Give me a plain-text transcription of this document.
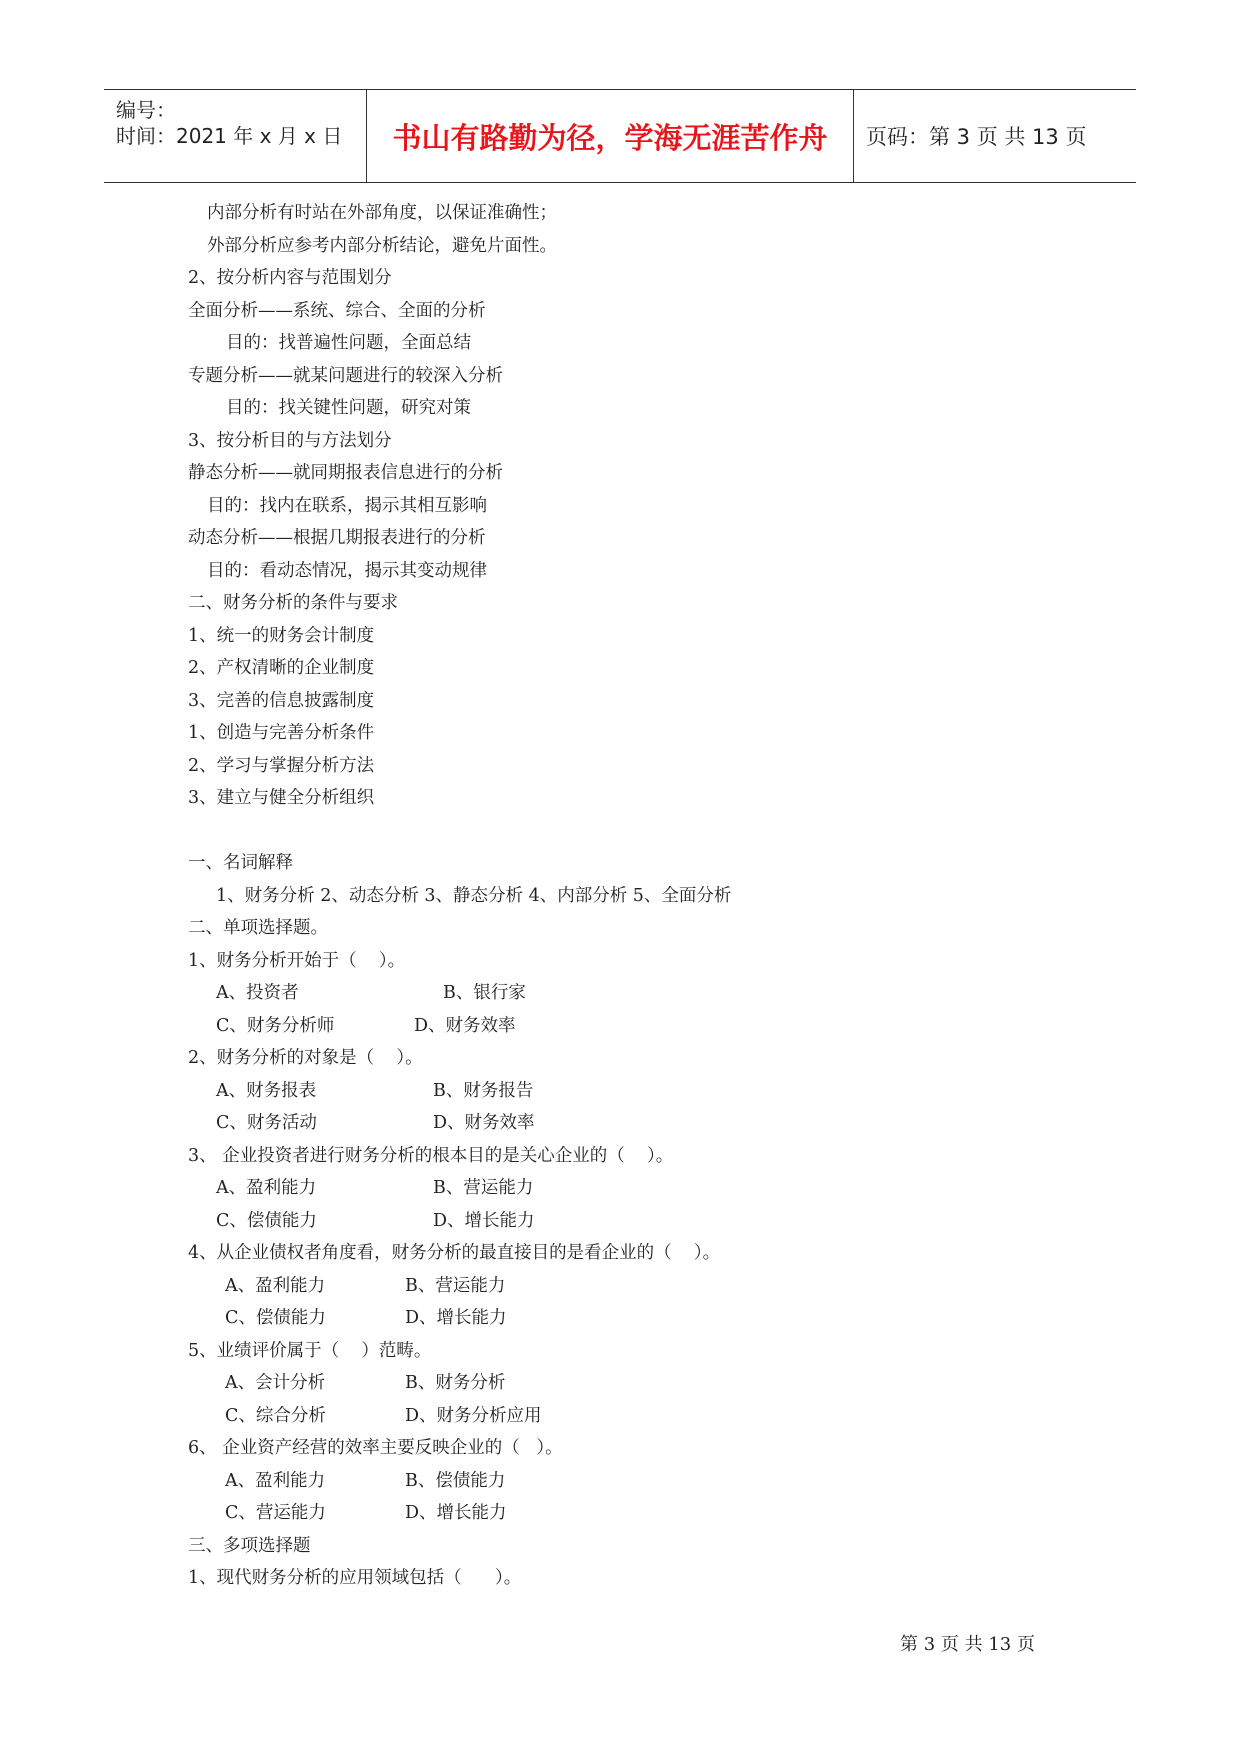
编号：
时间：2021 年 x 月 x 日	书山有路勤为径，学海无涯苦作舟	页码：第 3 页 共 13 页
内部分析有时站在外部角度，以保证准确性；
外部分析应参考内部分析结论，避免片面性。
2、按分析内容与范围划分
全面分析——系统、综合、全面的分析
目的：找普遍性问题，全面总结
专题分析——就某问题进行的较深入分析
目的：找关键性问题，研究对策
3、按分析目的与方法划分
静态分析——就同期报表信息进行的分析
目的：找内在联系，揭示其相互影响
动态分析——根据几期报表进行的分析
目的：看动态情况，揭示其变动规律
二、财务分析的条件与要求
1、统一的财务会计制度
2、产权清晰的企业制度
3、完善的信息披露制度
1、创造与完善分析条件
2、学习与掌握分析方法
3、建立与健全分析组织
一、名词解释
1、财务分析 2、动态分析 3、静态分析 4、内部分析 5、全面分析
二、单项选择题。
1、财务分析开始于（    ）。
A、投资者	B、银行家
C、财务分析师	D、财务效率
2、财务分析的对象是（    ）。
A、财务报表	B、财务报告
C、财务活动	D、财务效率
3、 企业投资者进行财务分析的根本目的是关心企业的（    ）。
A、盈利能力	B、营运能力
C、偿债能力	D、增长能力
4、从企业债权者角度看，财务分析的最直接目的是看企业的（    ）。
A、盈利能力	B、营运能力
C、偿债能力	D、增长能力
5、业绩评价属于（    ）范畴。
A、会计分析	B、财务分析
C、综合分析	D、财务分析应用
6、 企业资产经营的效率主要反映企业的（   ）。
A、盈利能力	B、偿债能力
C、营运能力	D、增长能力
三、多项选择题
1、现代财务分析的应用领域包括（      ）。
第 3 页 共 13 页
